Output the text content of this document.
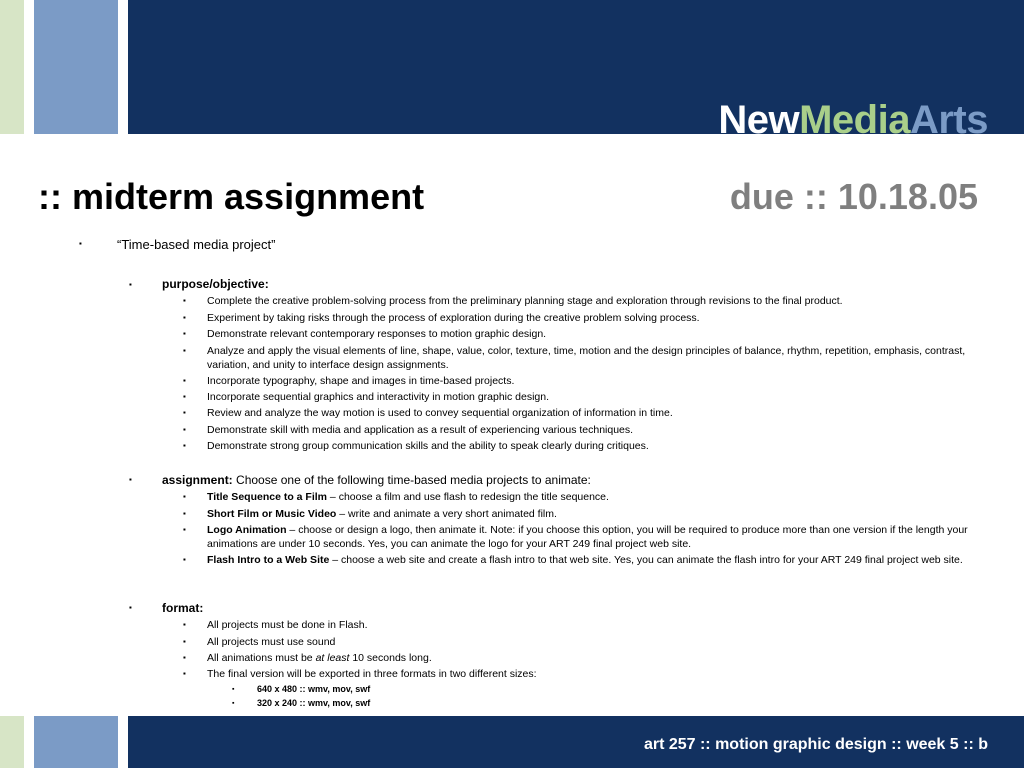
NewMediaArts
:: midterm assignment	due :: 10.18.05
▪	“Time-based media project”
▪	purpose/objective:
▪ Complete the creative problem-solving process from the preliminary planning stage and exploration through revisions to the final product.
▪ Experiment by taking risks through the process of exploration during the creative problem solving process.
▪ Demonstrate relevant contemporary responses to motion graphic design.
▪ Analyze and apply the visual elements of line, shape, value, color, texture, time, motion and the design principles of balance, rhythm, repetition, emphasis, contrast, variation, and unity to interface design assignments.
▪ Incorporate typography, shape and images in time-based projects.
▪ Incorporate sequential graphics and interactivity in motion graphic design.
▪ Review and analyze the way motion is used to convey sequential organization of information in time.
▪ Demonstrate skill with media and application as a result of experiencing various techniques.
▪ Demonstrate strong group communication skills and the ability to speak clearly during critiques.
▪	assignment: Choose one of the following time-based media projects to animate:
▪ Title Sequence to a Film – choose a film and use flash to redesign the title sequence.
▪ Short Film or Music Video – write and animate a very short animated film.
▪ Logo Animation – choose or design a logo, then animate it. Note: if you choose this option, you will be required to produce more than one version if the length your animations are under 10 seconds. Yes, you can animate the logo for your ART 249 final project web site.
▪ Flash Intro to a Web Site – choose a web site and create a flash intro to that web site. Yes, you can animate the flash intro for your ART 249 final project web site.
▪	format:
▪ All projects must be done in Flash.
▪ All projects must use sound
▪ All animations must be at least 10 seconds long.
▪ The final version will be exported in three formats in two different sizes:
▪	640 x 480 :: wmv, mov, swf
▪	320 x 240 :: wmv, mov, swf
art 257 :: motion graphic design :: week 5 :: b
